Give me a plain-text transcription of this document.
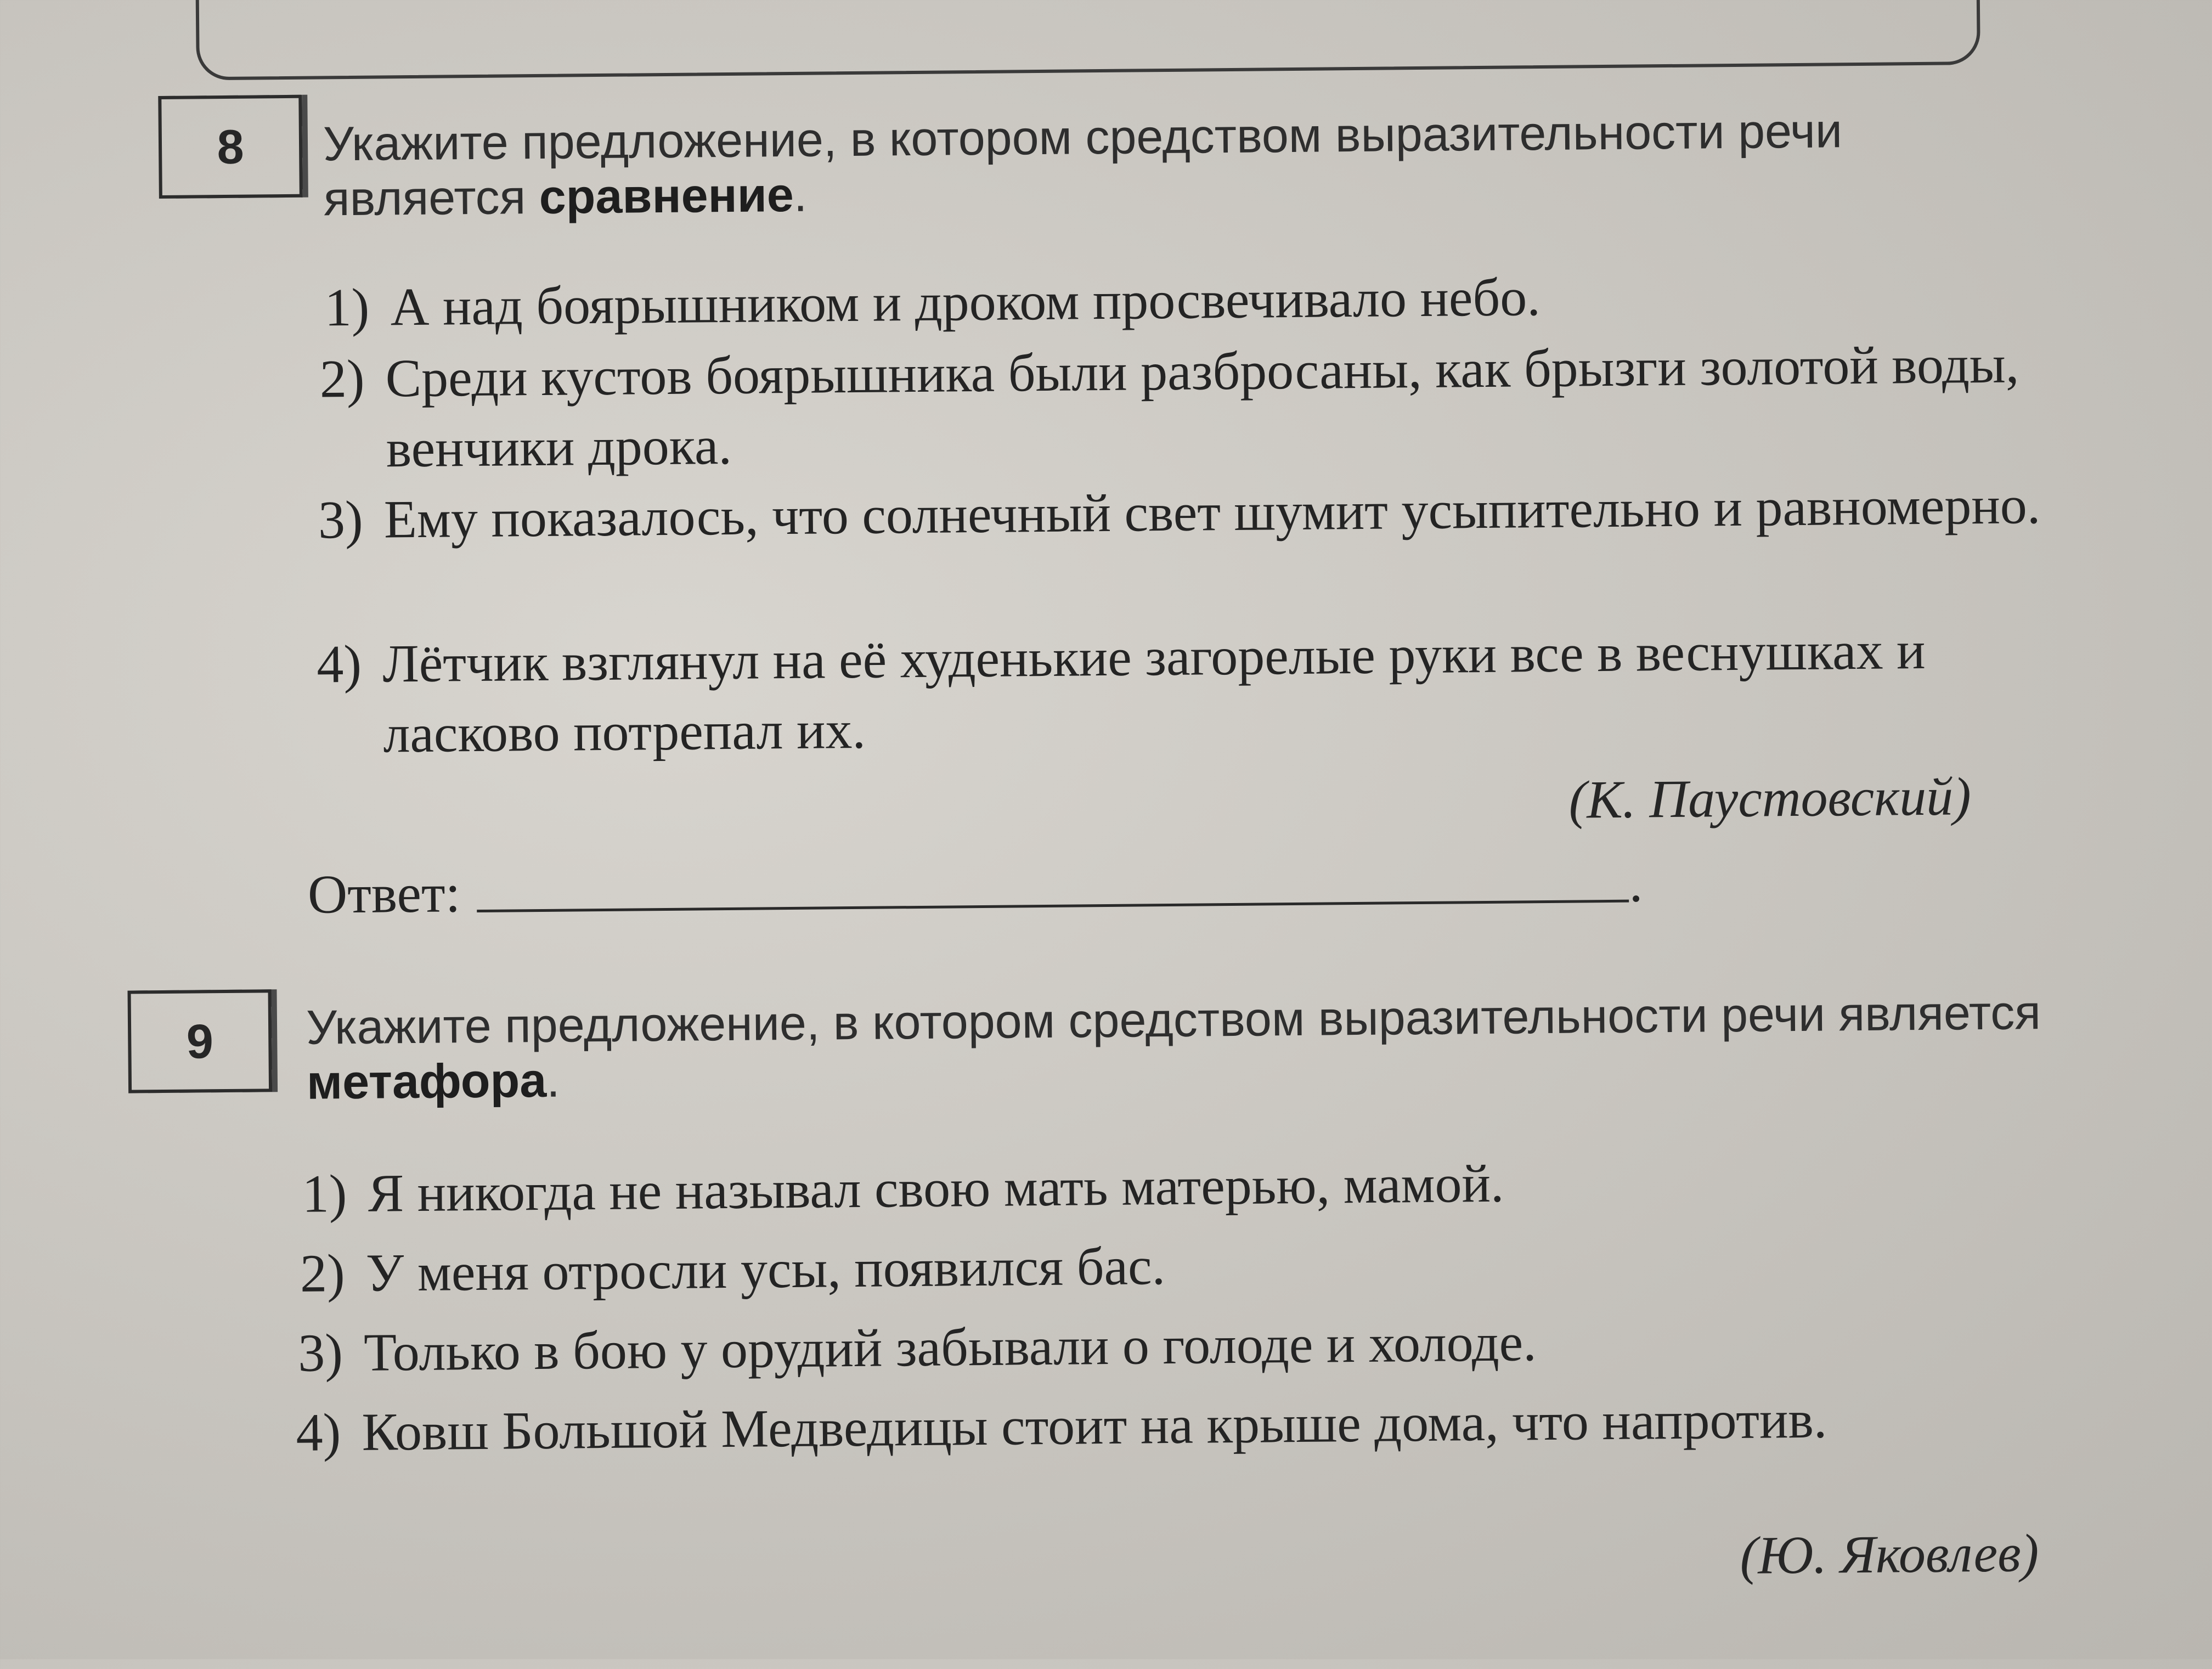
8 Укажите предложение, в котором средством выразительности речи является сравнение.
1) А над боярышником и дроком просвечивало небо.
2) Среди кустов боярышника были разбросаны, как брызги золотой воды, венчики дрока.
3) Ему показалось, что солнечный свет шумит усыпительно и равномерно.
4) Лётчик взглянул на её худенькие загорелые руки все в веснушках и ласково потрепал их.
(К. Паустовский)
Ответ:	.
9 Укажите предложение, в котором средством выразительности речи является метафора.
1) Я никогда не называл свою мать матерью, мамой.
2) У меня отросли усы, появился бас.
3) Только в бою у орудий забывали о голоде и холоде.
4) Ковш Большой Медведицы стоит на крыше дома, что напротив.
(Ю. Яковлев)
